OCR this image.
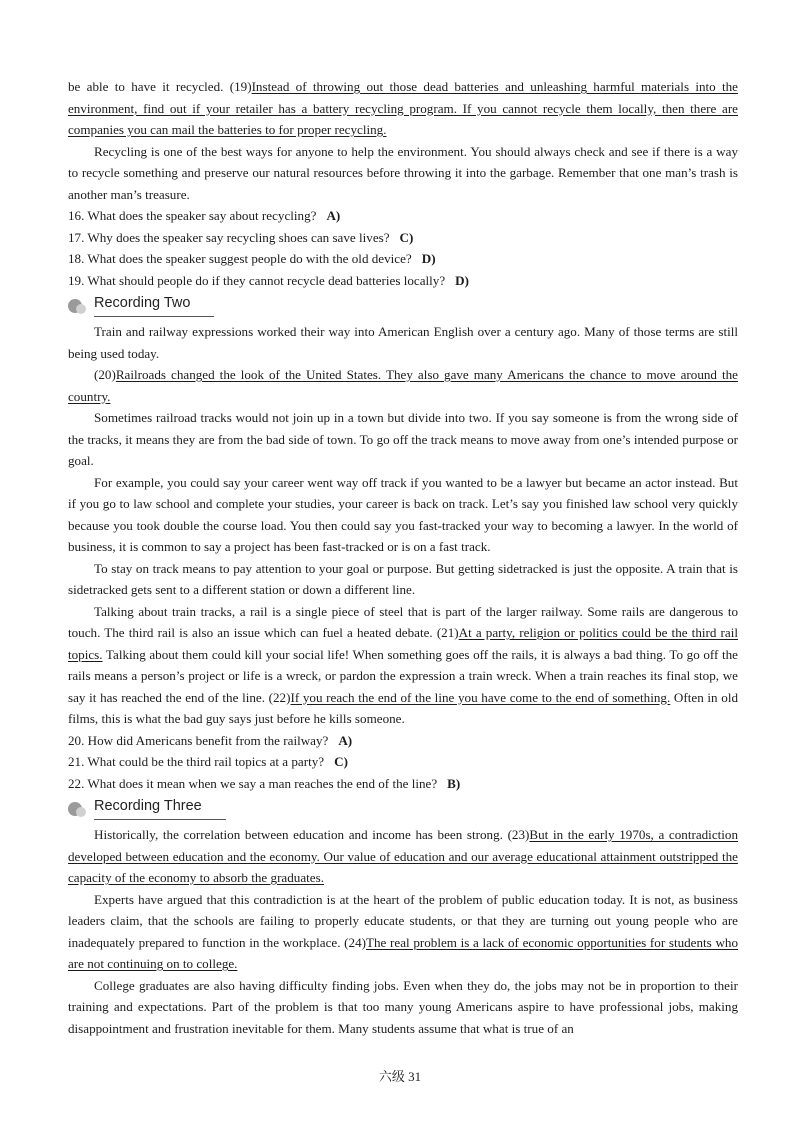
be able to have it recycled. (19)Instead of throwing out those dead batteries and unleashing harmful materials into the environment, find out if your retailer has a battery recycling program. If you cannot recycle them locally, then there are companies you can mail the batteries to for proper recycling.

Recycling is one of the best ways for anyone to help the environment. You should always check and see if there is a way to recycle something and preserve our natural resources before throwing it into the garbage. Remember that one man’s trash is another man’s treasure.

16. What does the speaker say about recycling? A)

17. Why does the speaker say recycling shoes can save lives? C)

18. What does the speaker suggest people do with the old device? D)

19. What should people do if they cannot recycle dead batteries locally? D)

Recording Two

Train and railway expressions worked their way into American English over a century ago. Many of those terms are still being used today.

(20)Railroads changed the look of the United States. They also gave many Americans the chance to move around the country.

Sometimes railroad tracks would not join up in a town but divide into two. If you say someone is from the wrong side of the tracks, it means they are from the bad side of town. To go off the track means to move away from one’s intended purpose or goal.

For example, you could say your career went way off track if you wanted to be a lawyer but became an actor instead. But if you go to law school and complete your studies, your career is back on track. Let’s say you finished law school very quickly because you took double the course load. You then could say you fast-tracked your way to becoming a lawyer. In the world of business, it is common to say a project has been fast-tracked or is on a fast track.

To stay on track means to pay attention to your goal or purpose. But getting sidetracked is just the opposite. A train that is sidetracked gets sent to a different station or down a different line.

Talking about train tracks, a rail is a single piece of steel that is part of the larger railway. Some rails are dangerous to touch. The third rail is also an issue which can fuel a heated debate. (21)At a party, religion or politics could be the third rail topics. Talking about them could kill your social life! When something goes off the rails, it is always a bad thing. To go off the rails means a person’s project or life is a wreck, or pardon the expression a train wreck. When a train reaches its final stop, we say it has reached the end of the line. (22)If you reach the end of the line you have come to the end of something. Often in old films, this is what the bad guy says just before he kills someone.

20. How did Americans benefit from the railway? A)

21. What could be the third rail topics at a party? C)

22. What does it mean when we say a man reaches the end of the line? B)

Recording Three

Historically, the correlation between education and income has been strong. (23)But in the early 1970s, a contradiction developed between education and the economy. Our value of education and our average educational attainment outstripped the capacity of the economy to absorb the graduates.

Experts have argued that this contradiction is at the heart of the problem of public education today. It is not, as business leaders claim, that the schools are failing to properly educate students, or that they are turning out young people who are inadequately prepared to function in the workplace. (24)The real problem is a lack of economic opportunities for students who are not continuing on to college.

College graduates are also having difficulty finding jobs. Even when they do, the jobs may not be in proportion to their training and expectations. Part of the problem is that too many young Americans aspire to have professional jobs, making disappointment and frustration inevitable for them. Many students assume that what is true of an

六级 31
